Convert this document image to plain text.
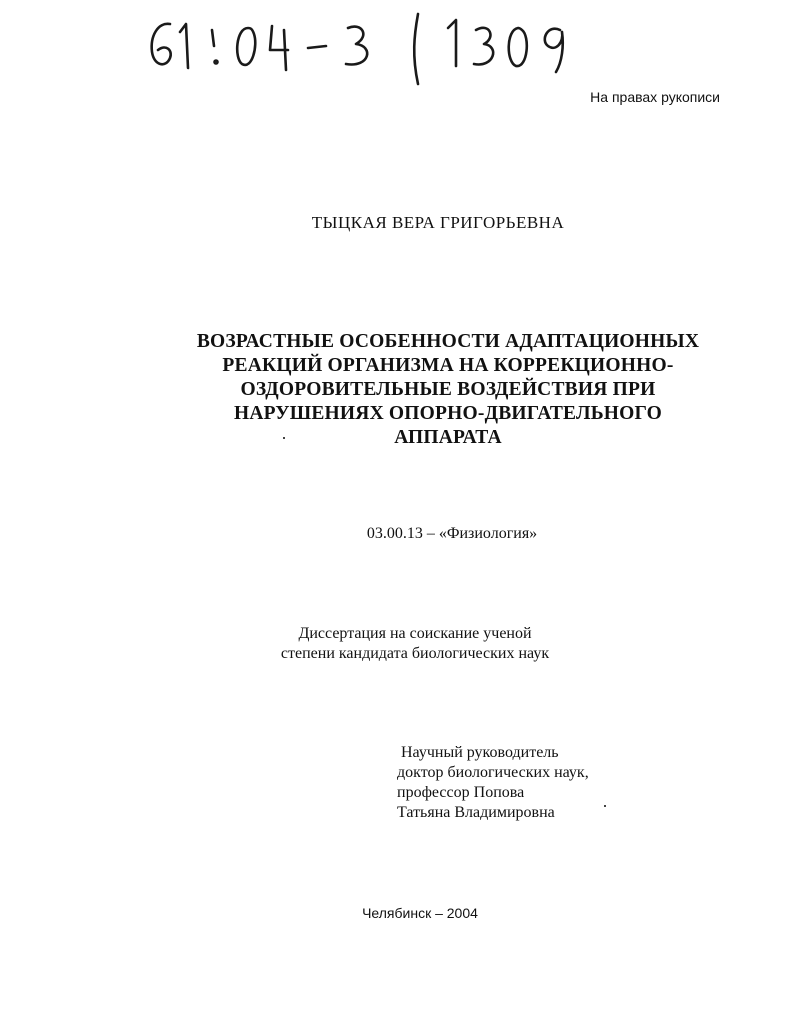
На правах рукописи
ТЫЦКАЯ ВЕРА ГРИГОРЬЕВНА
ВОЗРАСТНЫЕ ОСОБЕННОСТИ АДАПТАЦИОННЫХ
РЕАКЦИЙ ОРГАНИЗМА НА КОРРЕКЦИОННО-
ОЗДОРОВИТЕЛЬНЫЕ ВОЗДЕЙСТВИЯ ПРИ
НАРУШЕНИЯХ ОПОРНО-ДВИГАТЕЛЬНОГО
АППАРАТА
03.00.13 – «Физиология»
Диссертация на соискание ученой
степени кандидата биологических наук
Научный руководитель
доктор биологических наук,
профессор Попова
Татьяна Владимировна
Челябинск – 2004
